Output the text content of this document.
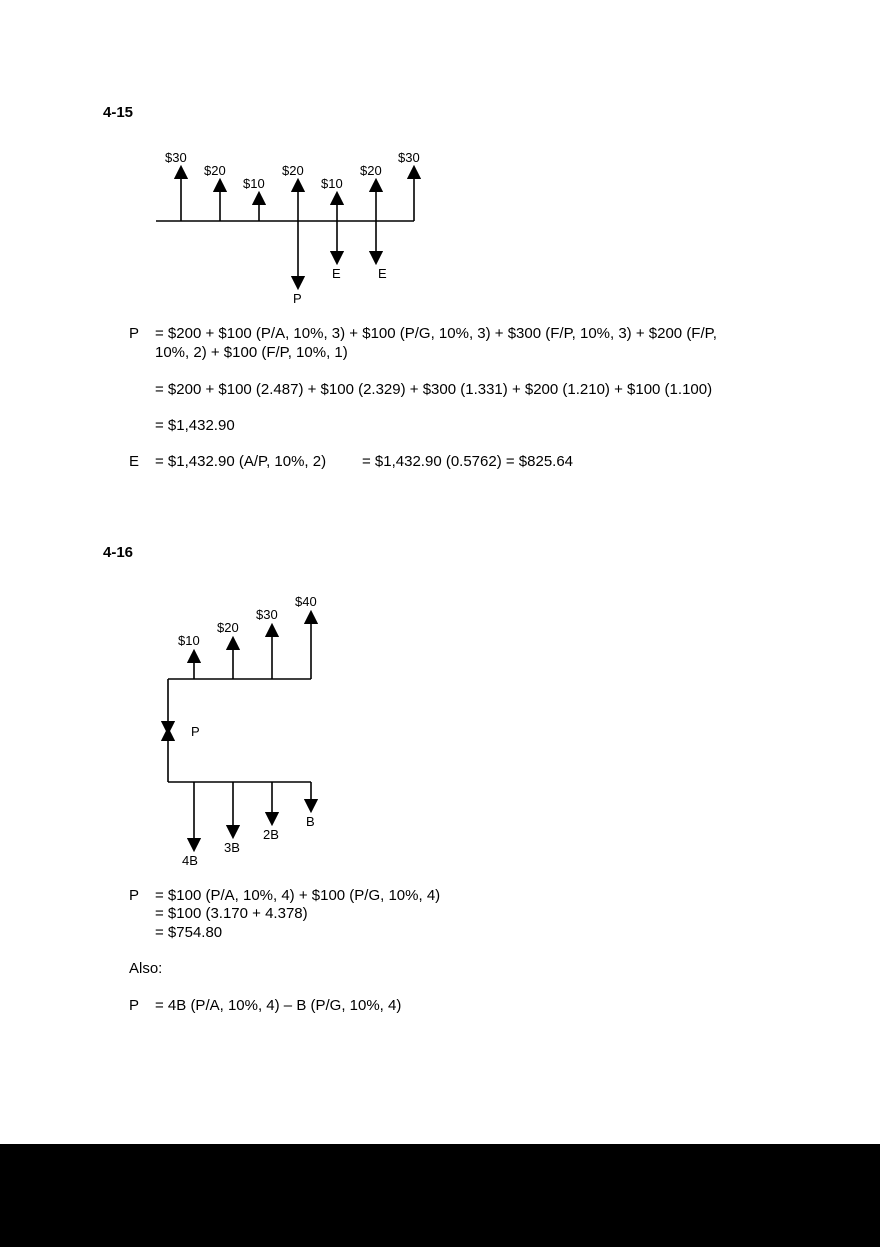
4-15
$30
$20
$10
$20
$10
$20
$30
P
E	E
P = $200 + $100 (P/A, 10%, 3) + $100 (P/G, 10%, 3) + $300 (F/P, 10%, 3) + $200 (F/P,
10%, 2) + $100 (F/P, 10%, 1)
= $200 + $100 (2.487) + $100 (2.329) + $300 (1.331) + $200 (1.210) + $100 (1.100)
= $1,432.90
E = $1,432.90 (A/P, 10%, 2) = $1,432.90 (0.5762) = $825.64
4-16
$10
$20
$30
$40
P
4B
3B
2B
B
P = $100 (P/A, 10%, 4) + $100 (P/G, 10%, 4)
= $100 (3.170 + 4.378)
= $754.80
Also:
P = 4B (P/A, 10%, 4) – B (P/G, 10%, 4)
